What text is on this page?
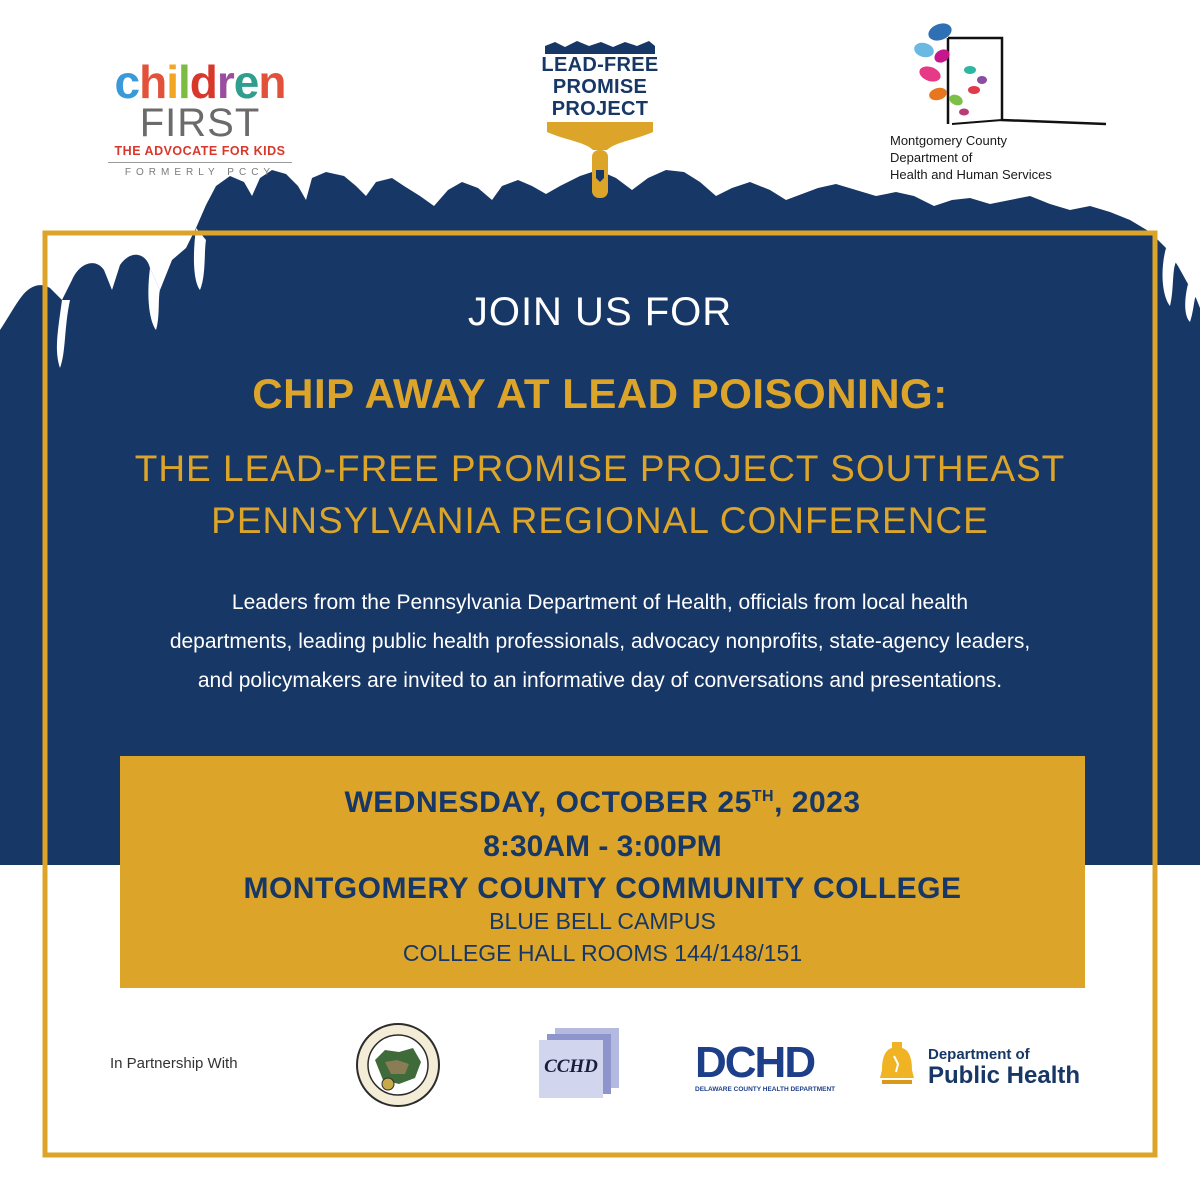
children
FIRST
THE ADVOCATE FOR KIDS
FORMERLY PCCY
LEAD-FREE
PROMISE
PROJECT
Montgomery County
Department of
Health and Human Services
JOIN US FOR
CHIP AWAY AT LEAD POISONING:
THE LEAD-FREE PROMISE PROJECT SOUTHEAST
PENNSYLVANIA REGIONAL CONFERENCE
Leaders from the Pennsylvania Department of Health, officials from local health
departments, leading public health professionals, advocacy nonprofits, state-agency leaders,
and policymakers are invited to an informative day of conversations and presentations.
WEDNESDAY, OCTOBER 25TH, 2023
8:30AM - 3:00PM
MONTGOMERY COUNTY COMMUNITY COLLEGE
BLUE BELL CAMPUS
COLLEGE HALL ROOMS 144/148/151
In Partnership With	CCHD DCHD
DELAWARE COUNTY HEALTH DEPARTMENT
Department of
Public Health
